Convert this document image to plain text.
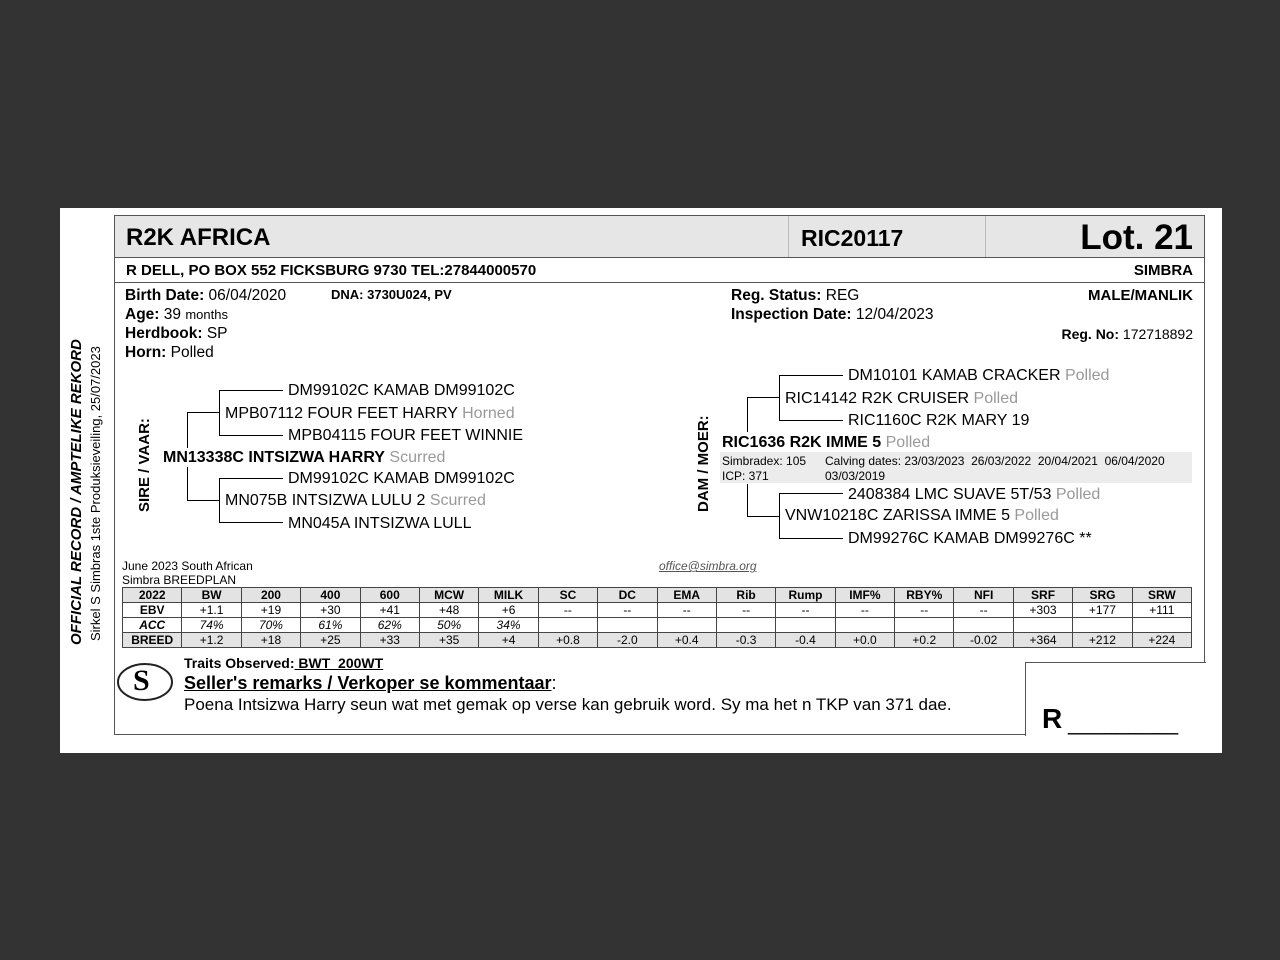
OFFICIAL RECORD / AMPTELIKE REKORD Sirkel S Simbras 1ste Produksieveiling, 25/07/2023
R2K AFRICA	RIC20117	Lot. 21
R DELL, PO BOX 552 FICKSBURG 9730 TEL:27844000570	SIMBRA
Birth Date: 06/04/2020	DNA: 3730U024, PV
Age: 39 months
Herdbook: SP
Horn: Polled
Reg. Status: REG
Inspection Date: 12/04/2023
MALE/MANLIK
Reg. No: 172718892
SIRE / VAAR:
DM99102C KAMAB DM99102C
MPB07112 FOUR FEET HARRY Horned
MPB04115 FOUR FEET WINNIE
MN13338C INTSIZWA HARRY Scurred
DM99102C KAMAB DM99102C
MN075B INTSIZWA LULU 2 Scurred
MN045A INTSIZWA LULL
DAM / MOER:
DM10101 KAMAB CRACKER Polled
RIC14142 R2K CRUISER Polled
RIC1160C R2K MARY 19
RIC1636 R2K IMME 5 Polled
Simbradex: 105
ICP: 371
Calving dates: 23/03/2023  26/03/2022  20/04/2021  06/04/2020
03/03/2019
2408384 LMC SUAVE 5T/53 Polled
VNW10218C ZARISSA IMME 5 Polled
DM99276C KAMAB DM99276C **
June 2023 South African
Simbra BREEDPLAN
office@simbra.org
2022	BW	200	400	600	MCW	MILK	SC	DC	EMA	Rib	Rump	IMF%	RBY%	NFI	SRF	SRG	SRW
EBV	+1.1	+19	+30	+41	+48	+6	--	--	--	--	--	--	--	--	+303	+177	+111
ACC	74%	70%	61%	62%	50%	34%											
BREED	+1.2	+18	+25	+33	+35	+4	+0.8	-2.0	+0.4	-0.3	-0.4	+0.0	+0.2	-0.02	+364	+212	+224
S
Traits Observed: BWT  200WT
Seller's remarks / Verkoper se kommentaar:
Poena Intsizwa Harry seun wat met gemak op verse kan gebruik word. Sy ma het n TKP van 371 dae.	R _________
